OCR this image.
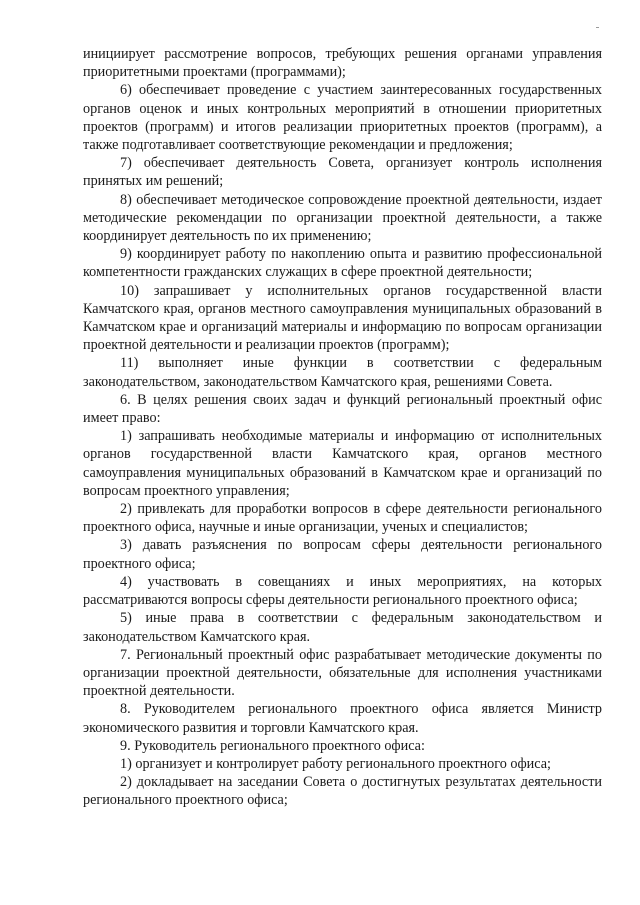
инициирует рассмотрение вопросов, требующих решения органами управления приоритетными проектами (программами);

6) обеспечивает проведение с участием заинтересованных государственных органов оценок и иных контрольных мероприятий в отношении приоритетных проектов (программ) и итогов реализации приоритетных проектов (программ), а также подготавливает соответствующие рекомендации и предложения;

7) обеспечивает деятельность Совета, организует контроль исполнения принятых им решений;

8) обеспечивает методическое сопровождение проектной деятельности, издает методические рекомендации по организации проектной деятельности, а также координирует деятельность по их применению;

9) координирует работу по накоплению опыта и развитию профессиональной компетентности гражданских служащих в сфере проектной деятельности;

10) запрашивает у исполнительных органов государственной власти Камчатского края, органов местного самоуправления муниципальных образований в Камчатском крае и организаций материалы и информацию по вопросам организации проектной деятельности и реализации проектов (программ);

11) выполняет иные функции в соответствии с федеральным законодательством, законодательством Камчатского края, решениями Совета.

6. В целях решения своих задач и функций региональный проектный офис имеет право:

1) запрашивать необходимые материалы и информацию от исполнительных органов государственной власти Камчатского края, органов местного самоуправления муниципальных образований в Камчатском крае и организаций по вопросам проектного управления;

2) привлекать для проработки вопросов в сфере деятельности регионального проектного офиса, научные и иные организации, ученых и специалистов;

3) давать разъяснения по вопросам сферы деятельности регионального проектного офиса;

4) участвовать в совещаниях и иных мероприятиях, на которых рассматриваются вопросы сферы деятельности регионального проектного офиса;

5) иные права в соответствии с федеральным законодательством и законодательством Камчатского края.

7. Региональный проектный офис разрабатывает методические документы по организации проектной деятельности, обязательные для исполнения участниками проектной деятельности.

8. Руководителем регионального проектного офиса является Министр экономического развития и торговли Камчатского края.

9. Руководитель регионального проектного офиса:

1) организует и контролирует работу регионального проектного офиса;

2) докладывает на заседании Совета о достигнутых результатах деятельности регионального проектного офиса;
